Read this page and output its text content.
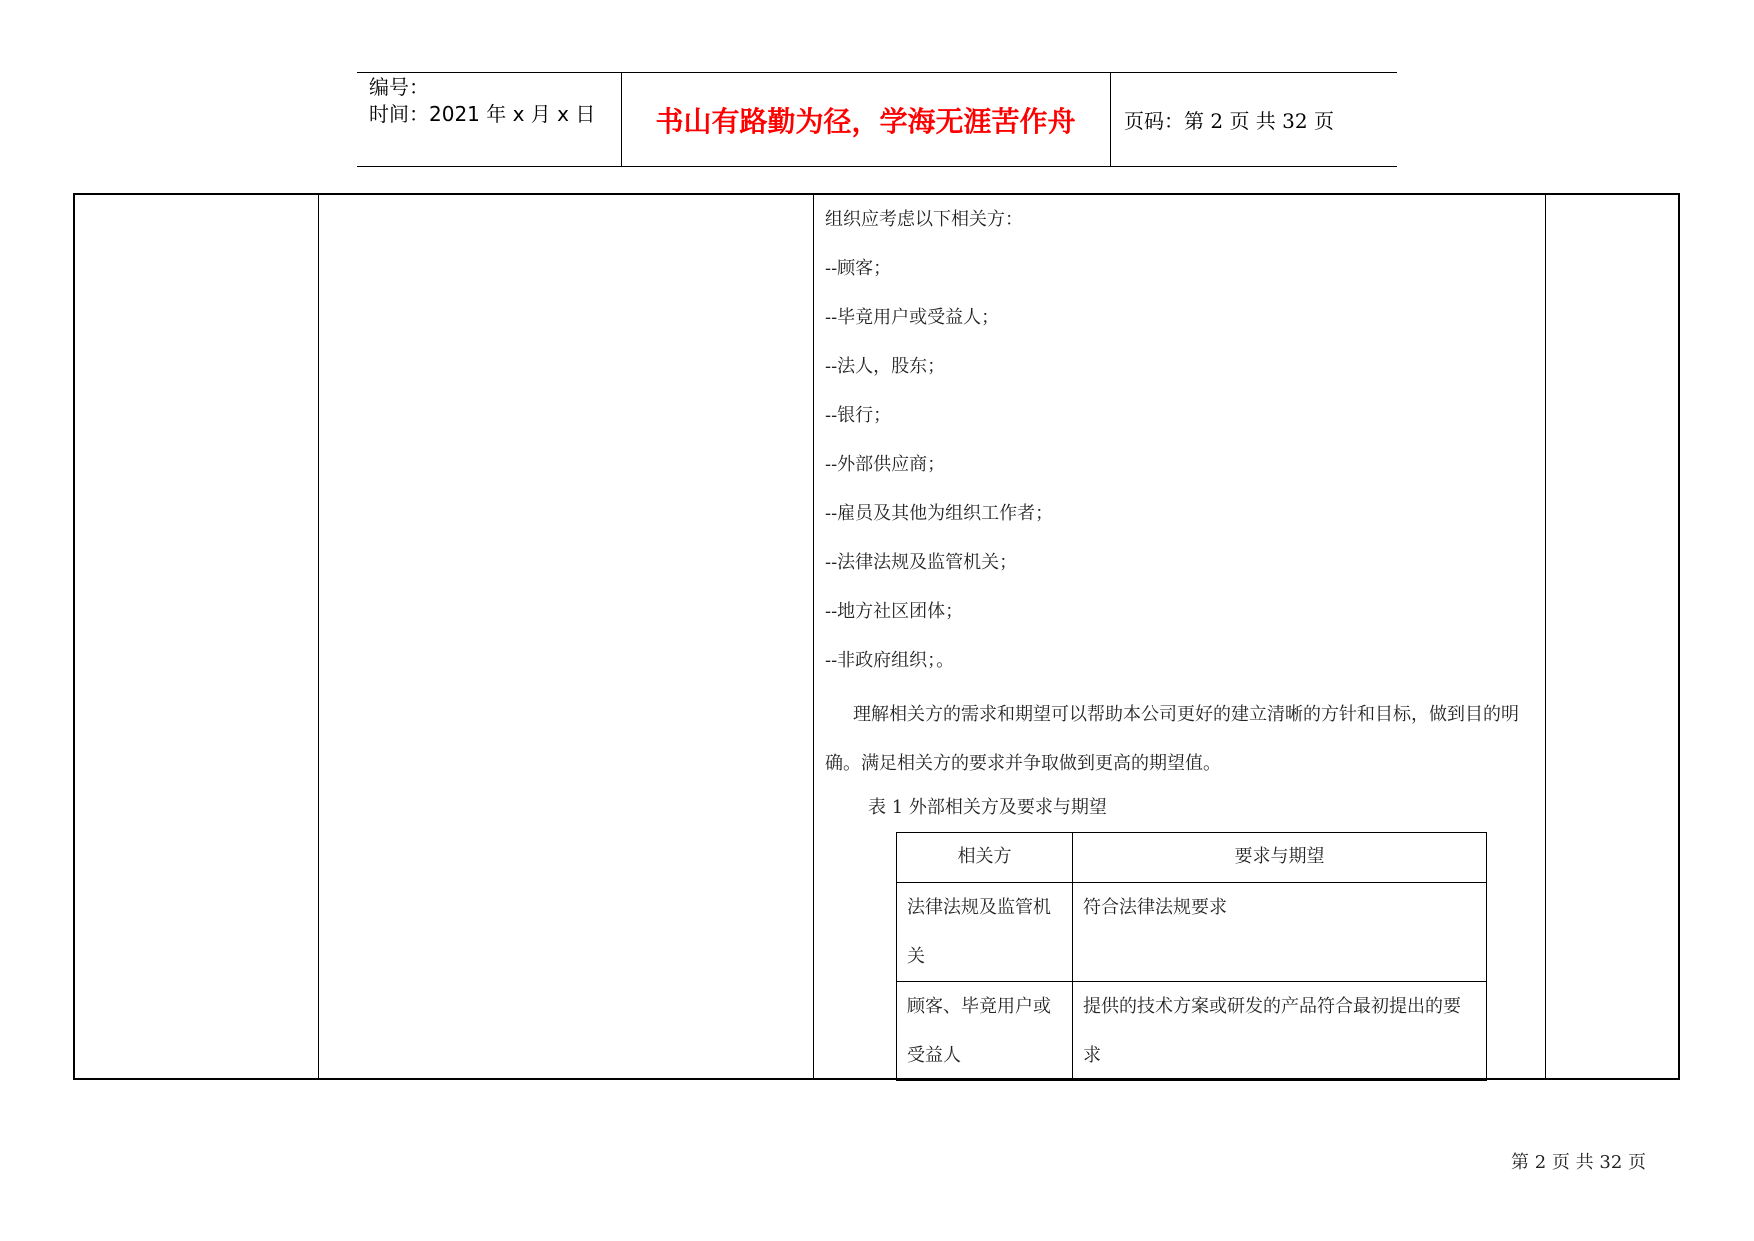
编号：
时间：2021 年 x 月 x 日	书山有路勤为径，学海无涯苦作舟	页码：第 2 页 共 32 页
组织应考虑以下相关方：
--顾客；
--毕竟用户或受益人；
--法人，股东；
--银行；
--外部供应商；
--雇员及其他为组织工作者；
--法律法规及监管机关；
--地方社区团体；
--非政府组织；。
理解相关方的需求和期望可以帮助本公司更好的建立清晰的方针和目标，做到目的明确。满足相关方的要求并争取做到更高的期望值。
表 1 外部相关方及要求与期望
相关方	要求与期望
法律法规及监管机关	符合法律法规要求
顾客、毕竟用户或受益人	提供的技术方案或研发的产品符合最初提出的要求
第 2 页 共 32 页
